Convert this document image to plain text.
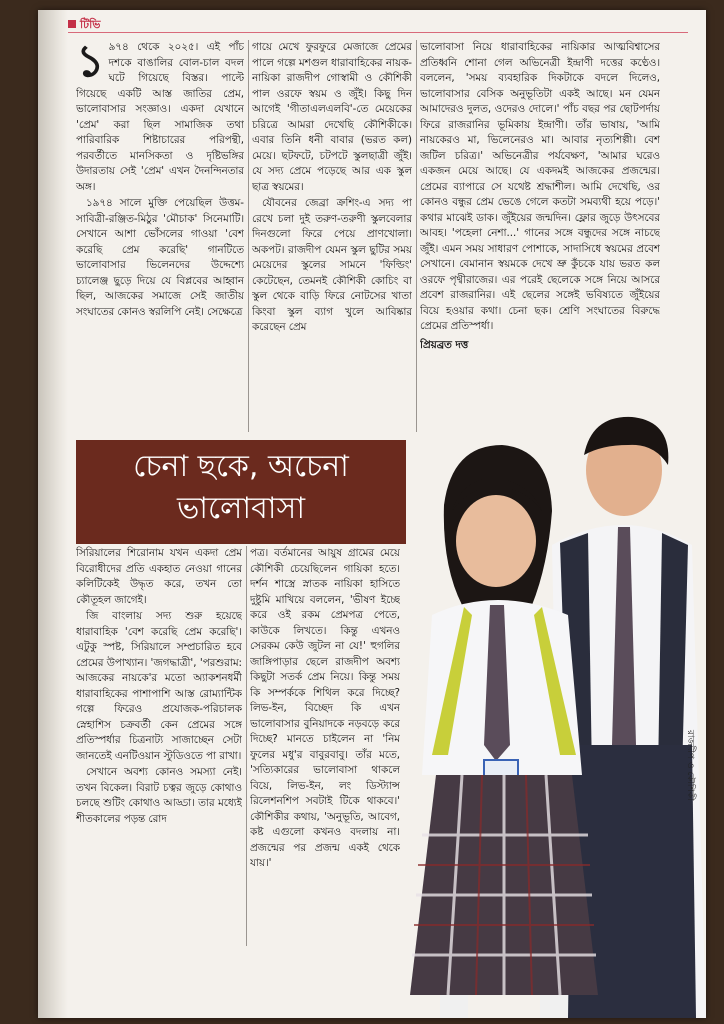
টিভি

১ ৯৭৪ থেকে ২০২৫। এই পাঁচ দশকে বাঙালির বোল-চাল বদল ঘটে গিয়েছে বিস্তর। পাল্টে গিয়েছে একটি আস্ত জাতির প্রেম, ভালোবাসার সংজ্ঞাও। একদা যেখানে 'প্রেম' করা ছিল সামাজিক তথা পারিবারিক শিষ্টাচারের পরিপন্থী, পরবর্তীতে মানসিকতা ও দৃষ্টিভঙ্গির উদারতায় সেই 'প্রেম' এখন দৈনন্দিনতার অঙ্গ।

১৯৭৪ সালে মুক্তি পেয়েছিল উত্তম-সাবিত্রী-রঞ্জিত-মিঠুর 'মৌচাক' সিনেমাটি। সেখানে আশা ভোঁসলের গাওয়া 'বেশ করেছি প্রেম করেছি' গানটিতে ভালোবাসার ভিলেনদের উদ্দেশ্যে চ্যালেঞ্জ ছুড়ে দিয়ে যে বিপ্লবের আহ্বান ছিল, আজকের সমাজে সেই জাতীয় সংঘাতের কোনও স্বরলিপি নেই। সেক্ষেত্রে

গায়ে মেখে ফুরফুরে মেজাজে প্রেমের পালে গল্পে মশগুল ধারাবাহিকের নায়ক-নায়িকা রাজদীপ গোস্বামী ও কৌশিকী পাল ওরফে স্বয়ম ও জুঁই। কিছু দিন আগেই 'গীতাএলএলবি'-তে মেয়েকের চরিত্রে আমরা দেখেছি কৌশিকীকে। এবার তিনি ধনী বাবার (ভরত কল) মেয়ে। ছটফটে, চটপটে স্কুলছাত্রী জুঁই। যে সদ্য প্রেমে পড়েছে আর এক স্কুল ছাত্র স্বয়মের।

যৌবনের জেব্রা ক্রশিং-এ সদ্য পা রেখে চলা দুই তরুণ-তরুণী স্কুলবেলার দিনগুলো ফিরে পেয়ে প্রাণখোলা। অকপট। রাজদীপ যেমন স্কুল ছুটির সময় মেয়েদের স্কুলের সামনে 'ফিল্ডিং' কেটেছেন, তেমনই কৌশিকী কোচিং বা স্কুল থেকে বাড়ি ফিরে নোটসের খাতা কিংবা স্কুল ব্যাগ খুলে আবিষ্কার করেছেন প্রেম

ভালোবাসা নিয়ে ধারাবাহিকের নায়িকার আত্মবিশ্বাসের প্রতিধ্বনি শোনা গেল অভিনেত্রী ইন্দ্রাণী দত্তের কণ্ঠেও। বললেন, 'সময় ব্যবহারিক দিকটাকে বদলে দিলেও, ভালোবাসার বেসিক অনুভূতিটা একই আছে। মন যেমন আমাদেরও দুলত, ওদেরও দোলে।' পাঁচ বছর পর ছোটপর্দায় ফিরে রাজরানির ভূমিকায় ইন্দ্রাণী। তাঁর ভাষায়, 'আমি নায়কেরও মা, ভিলেনেরও মা। আবার নৃত্যশিল্পী। বেশ জটিল চরিত্র।' অভিনেত্রীর পর্যবেক্ষণ, 'আমার ঘরেও একজন মেয়ে আছে। যে একদমই আজকের প্রজন্মের। প্রেমের ব্যাপারে সে যথেষ্ট শ্রদ্ধাশীল। আমি দেখেছি, ওর কোনও বন্ধুর প্রেম ভেঙে গেলে কতটা সমব্যথী হয়ে পড়ে।' কথার মাঝেই ডাক। জুঁইয়ের জন্মদিন। ফ্লোর জুড়ে উৎসবের আবহ। 'পহেলা নেশা...' গানের সঙ্গে বন্ধুদের সঙ্গে নাচছে জুঁই। এমন সময় সাধারণ পোশাকে, সাদাসিধে স্বয়মের প্রবেশ সেখানে। বেমানান স্বয়মকে দেখে ভ্রু কুঁচকে যায় ভরত কল ওরফে পৃথ্বীরাজের। এর পরেই ছেলেকে সঙ্গে নিয়ে আসরে প্রবেশ রাজরানির। এই ছেলের সঙ্গেই ভবিষ্যতে জুঁইয়ের বিয়ে হওয়ার কথা। চেনা ছক। শ্রেণি সংঘাতের বিরুদ্ধে প্রেমের প্রতিস্পর্ধা।

প্রিয়ব্রত দত্ত

চেনা ছকে, অচেনা
ভালোবাসা

সিরিয়ালের শিরোনাম যখন একদা প্রেম বিরোধীদের প্রতি একহাত নেওয়া গানের কলিটিকেই উদ্ধৃত করে, তখন তো কৌতূহল জাগেই।

জি বাংলায় সদ্য শুরু হয়েছে ধারাবাহিক 'বেশ করেছি প্রেম করেছি'। এটুকু স্পষ্ট, সিরিয়ালে সম্প্রচারিত হবে প্রেমের উপাখ্যান। 'জগদ্ধাত্রী', 'পরশুরাম: আজকের নায়কে'র মতো অ্যাকশনধর্মী ধারাবাহিকের পাশাপাশি আস্ত রোম্যান্টিক গল্পে ফিরেও প্রযোজক-পরিচালক স্নেহাশিস চক্রবর্তী কেন প্রেমের সঙ্গে প্রতিস্পর্ধার চিত্রনাট্য সাজাচ্ছেন সেটা জানতেই এনটিওয়ান স্টুডিওতে পা রাখা।

সেখানে অবশ্য কোনও সমস্যা নেই। তখন বিকেল। বিরাট চত্বর জুড়ে কোথাও চলছে শুটিং কোথাও আড্ডা। তার মধ্যেই শীতকালের পড়ন্ত রোদ

পত্র। বর্তমানের আয়ুষ গ্রামের মেয়ে কৌশিকী চেয়েছিলেন গায়িকা হতে। দর্শন শাস্ত্রে স্নাতক নায়িকা হাসিতে দুষ্টুমি মাখিয়ে বললেন, 'ভীষণ ইচ্ছে করে ওই রকম প্রেমপত্র পেতে, কাউকে লিখতে। কিন্তু এখনও সেরকম কেউ জুটল না যে!' হুগলির জাঙ্গিপাড়ার ছেলে রাজদীপ অবশ্য কিছুটা সতর্ক প্রেম নিয়ে। কিন্তু সময় কি সম্পর্ককে শিথিল করে দিচ্ছে? লিভ-ইন, বিচ্ছেদ কি এখন ভালোবাসার বুনিয়াদকে নড়বড়ে করে দিচ্ছে? মানতে চাইলেন না 'নিম ফুলের মধু'র বাবুরবাবু। তাঁর মতে, 'সত্যিকারের ভালোবাসা থাকলে বিয়ে, লিভ-ইন, লং ডিস্ট্যান্স রিলেশনশিপ সবটাই টিকে থাকবে।' কৌশিকীর কথায়, 'অনুভূতি, আবেগ, কষ্ট এগুলো কখনও বদলায় না। প্রজন্মের পর প্রজন্ম একই থেকে যায়।'

রাজদীপ ও কৌশিকী
